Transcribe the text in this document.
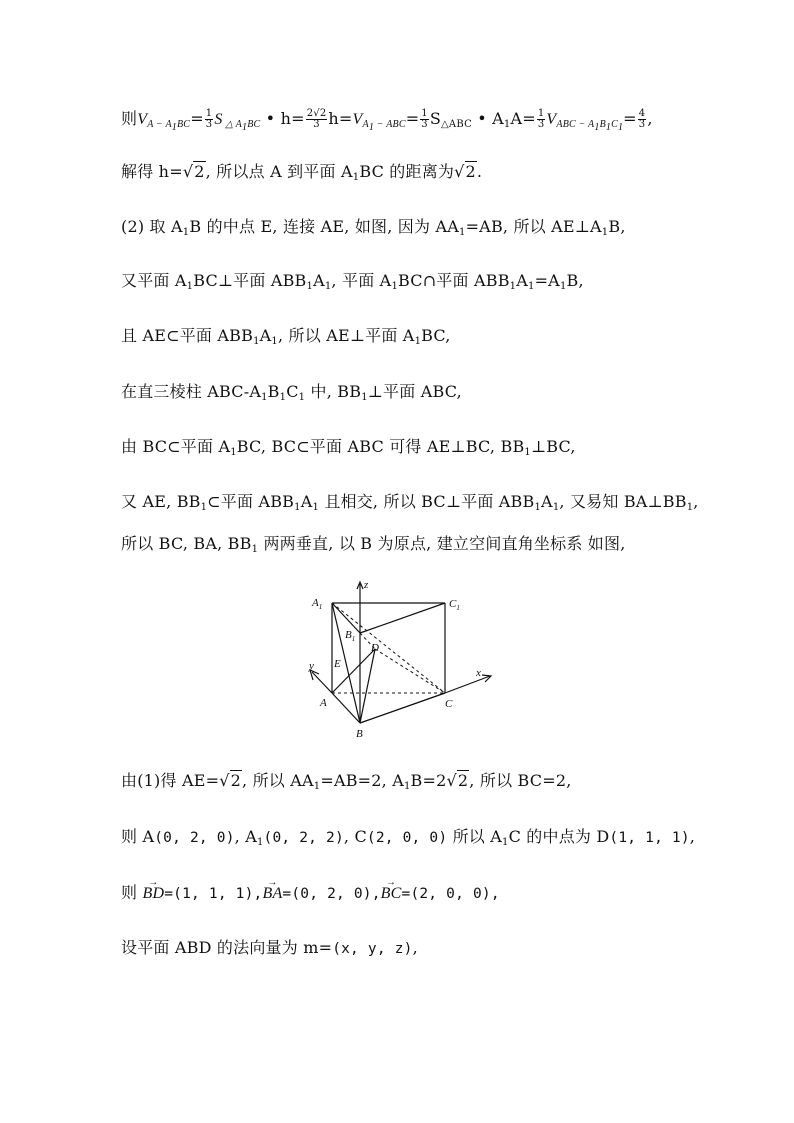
则$V_{A - A_1BC}= \frac{1}{3}$ S $_{\triangle A_1BC}$ • $h= \frac{2√2}{3} h=V_{A_1 - ABC}= \frac{1}{3} S_{\triangle ABC}$ • $A_1A= \frac{1}{3} V_{ABC - A_1B_1C_1}= \frac{4}{3}$ ,
解得 h=√2, 所以点 A 到平面 $A_1BC$ 的距离为√2.
(2) 取 $A_1B$ 的中点 E, 连接 AE, 如图, 因为 $AA_1=AB$, 所以 $AE\perp A_1B$,
又平面 $A_1BC\perp$平面 $ABB_1A_1$, 平面 $A_1BC\cap$平面 $ABB_1A_1=A_1B$,
且 AE⊂平面 $ABB_1A_1$, 所以 AE⊥平面 $A_1BC$,
在直三棱柱 ABC-$A_1B_1C_1$ 中, $BB_1\perp$平面 ABC,
由 BC⊂平面 $A_1BC$, BC⊂平面 ABC 可得 AE⊥BC, $BB_1\perp BC$,
又 AE, $BB_1\subset$平面 $ABB_1A_1$ 且相交, 所以 BC⊥平面 $ABB_1A_1$, 又易知 $BA\perp BB_1$,
所以 BC, BA, $BB_1$ 两两垂直, 以 B 为原点, 建立空间直角坐标系 如图,
$A_1$	$C_1$
$B_1$
z
y
x
E
D
A
B
C
由(1)得 AE=√2, 所以 $AA_1=AB=2$, $A_1B=2√2$, 所以 BC=2,
则 A(0, 2, 0), $A_1(0$, 2, 2), C(2, 0, 0) 所以 $A_1C$ 的中点为 D(1, 1, 1),
则 → BD=(1, 1, 1),→ BA=(0, 2, 0),→ BC=(2, 0, 0),
设平面 ABD 的法向量为 m=(x, y, z),
